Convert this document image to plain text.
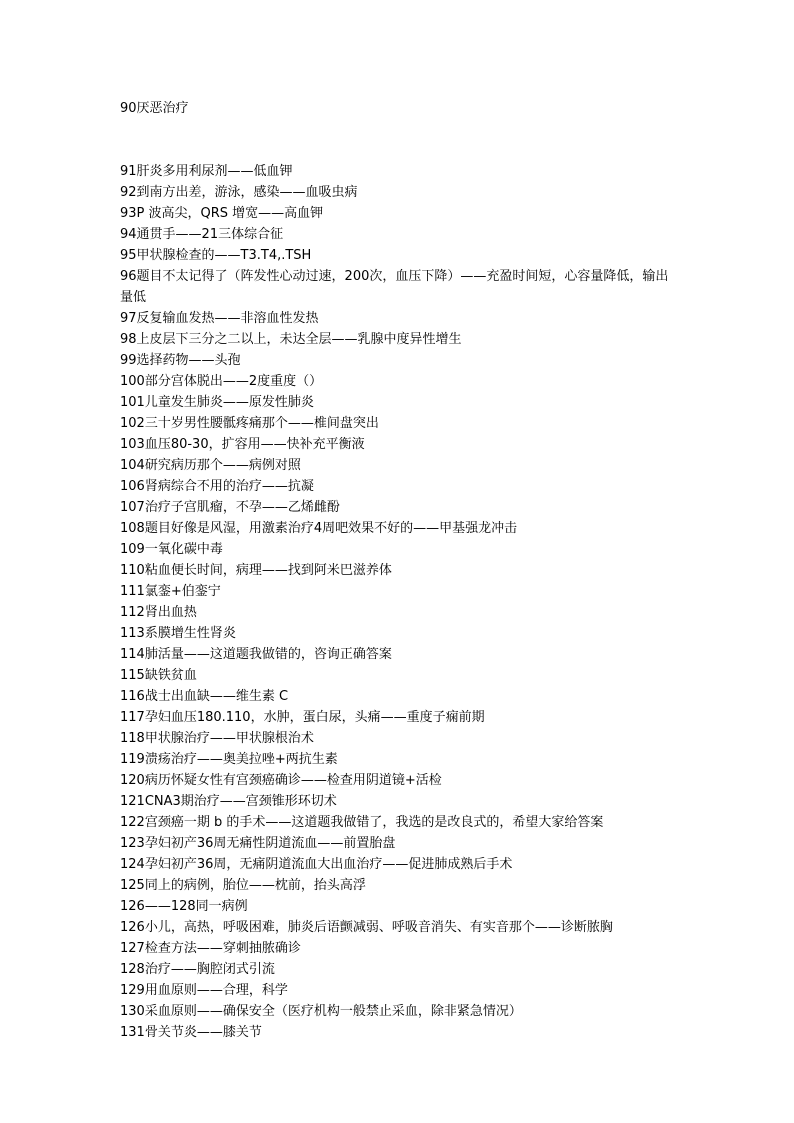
90厌恶治疗
91肝炎多用利尿剂——低血钾
92到南方出差，游泳，感染——血吸虫病
93P 波高尖，QRS 增宽——高血钾
94通贯手——21三体综合征
95甲状腺检查的——T3.T4,.TSH
96题目不太记得了（阵发性心动过速，200次，血压下降）——充盈时间短，心容量降低，输出量低
97反复输血发热——非溶血性发热
98上皮层下三分之二以上，未达全层——乳腺中度异性增生
99选择药物——头孢
100部分宫体脱出——2度重度（）
101儿童发生肺炎——原发性肺炎
102三十岁男性腰骶疼痛那个——椎间盘突出
103血压80-30，扩容用——快补充平衡液
104研究病历那个——病例对照
106肾病综合不用的治疗——抗凝
107治疗子宫肌瘤，不孕——乙烯雌酚
108题目好像是风湿，用激素治疗4周吧效果不好的——甲基强龙冲击
109一氧化碳中毒
110粘血便长时间，病理——找到阿米巴滋养体
111氯銮+伯銮宁
112肾出血热
113系膜增生性肾炎
114肺活量——这道题我做错的，咨询正确答案
115缺铁贫血
116战士出血缺——维生素 C
117孕妇血压180.110，水肿，蛋白尿，头痛——重度子痫前期
118甲状腺治疗——甲状腺根治术
119溃疡治疗——奥美拉唑+两抗生素
120病历怀疑女性有宫颈癌确诊——检查用阴道镜+活检
121CNA3期治疗——宫颈锥形环切术
122宫颈癌一期 b 的手术——这道题我做错了，我选的是改良式的，希望大家给答案
123孕妇初产36周无痛性阴道流血——前置胎盘
124孕妇初产36周，无痛阴道流血大出血治疗——促进肺成熟后手术
125同上的病例，胎位——枕前，抬头高浮
126——128同一病例
126小儿，高热，呼吸困难，肺炎后语颤减弱、呼吸音消失、有实音那个——诊断脓胸
127检查方法——穿刺抽脓确诊
128治疗——胸腔闭式引流
129用血原则——合理，科学
130采血原则——确保安全（医疗机构一般禁止采血，除非紧急情况）
131骨关节炎——膝关节
